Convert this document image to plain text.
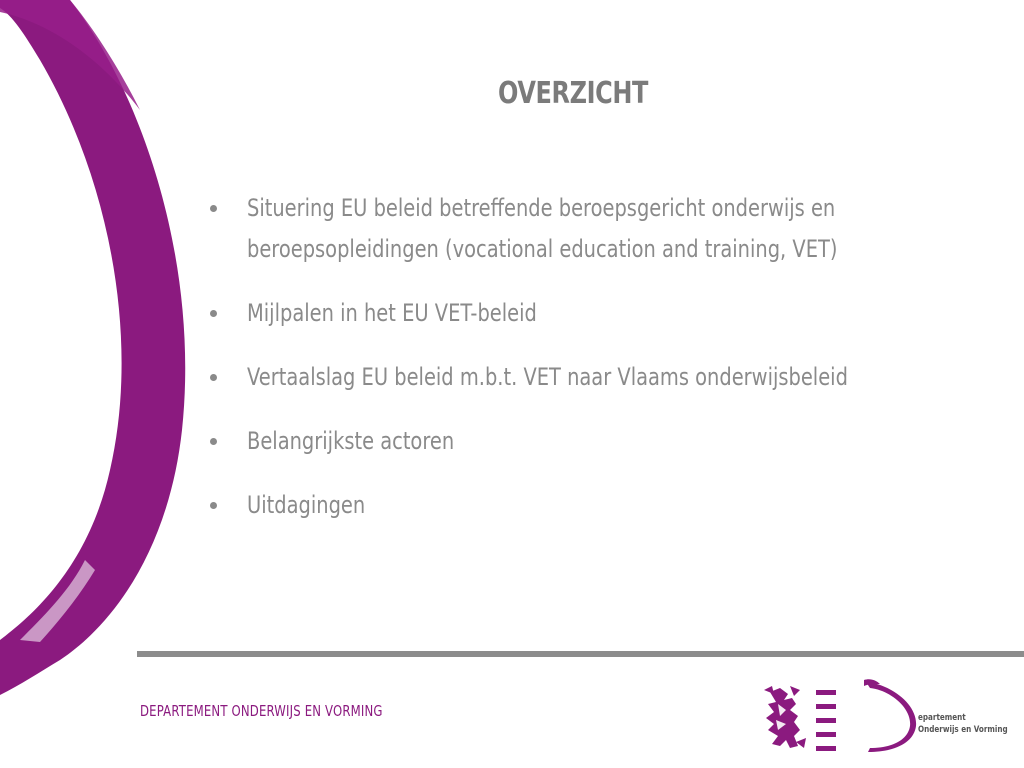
OVERZICHT
Situering EU beleid betreffende beroepsgericht onderwijs en
beroepsopleidingen (vocational education and training, VET)
Mijlpalen in het EU VET-beleid
Vertaalslag EU beleid m.b.t. VET naar Vlaams onderwijsbeleid
Belangrijkste actoren
Uitdagingen
DEPARTEMENT ONDERWIJS EN VORMING	epartement
Onderwijs en Vorming
